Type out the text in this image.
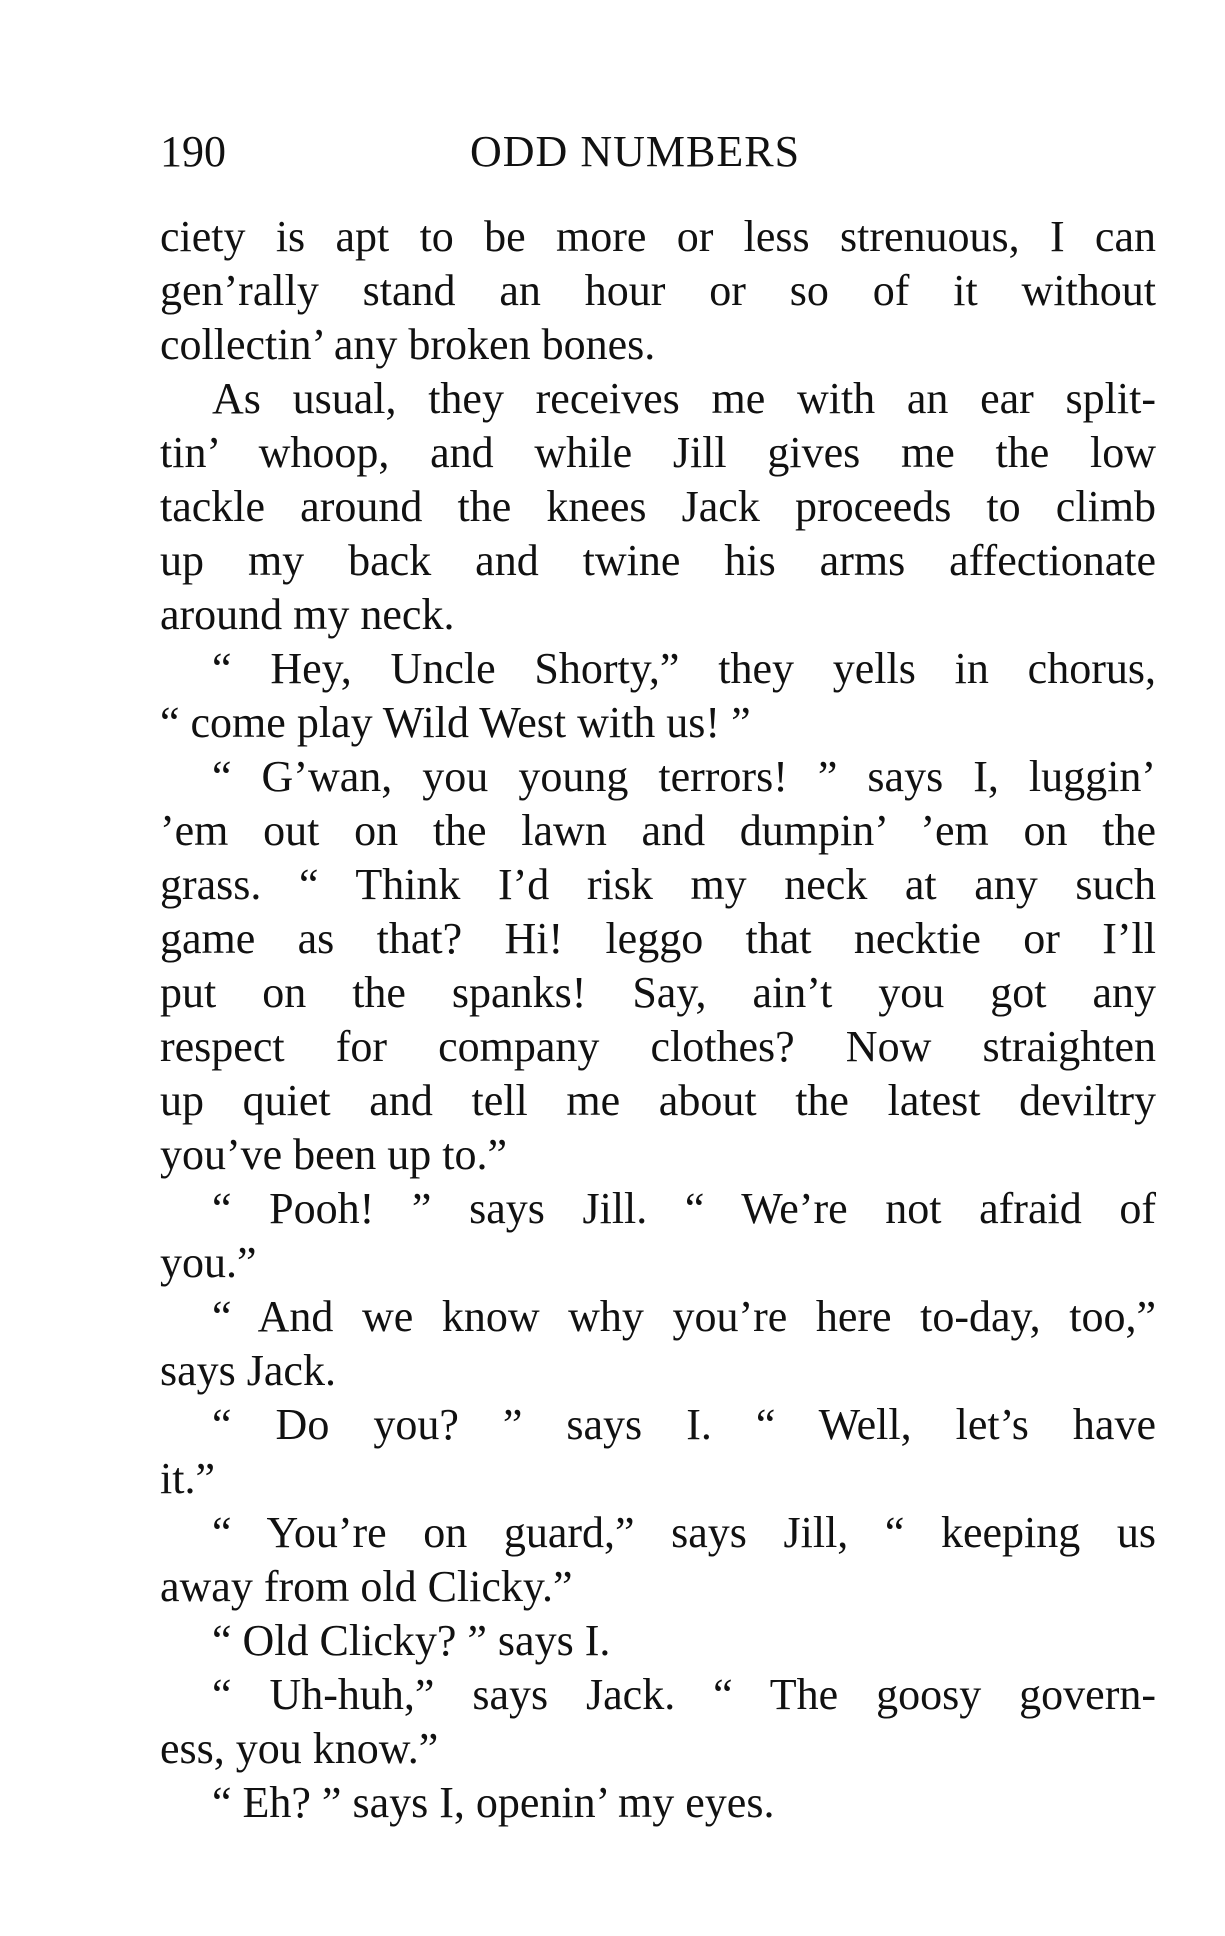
190	ODD NUMBERS
ciety is apt to be more or less strenuous, I can
gen’rally stand an hour or so of it without
collectin’ any broken bones.
As usual, they receives me with an ear split-
tin’ whoop, and while Jill gives me the low
tackle around the knees Jack proceeds to climb
up my back and twine his arms affectionate
around my neck.
“ Hey, Uncle Shorty,” they yells in chorus,
“ come play Wild West with us! ”
“ G’wan, you young terrors! ” says I, luggin’
’em out on the lawn and dumpin’ ’em on the
grass. “ Think I’d risk my neck at any such
game as that? Hi! leggo that necktie or I’ll
put on the spanks! Say, ain’t you got any
respect for company clothes? Now straighten
up quiet and tell me about the latest deviltry
you’ve been up to.”
“ Pooh! ” says Jill. “ We’re not afraid of
you.”
“ And we know why you’re here to-day, too,”
says Jack.
“ Do you? ” says I. “ Well, let’s have
it.”
“ You’re on guard,” says Jill, “ keeping us
away from old Clicky.”
“ Old Clicky? ” says I.
“ Uh-huh,” says Jack. “ The goosy govern-
ess, you know.”
“ Eh? ” says I, openin’ my eyes.
